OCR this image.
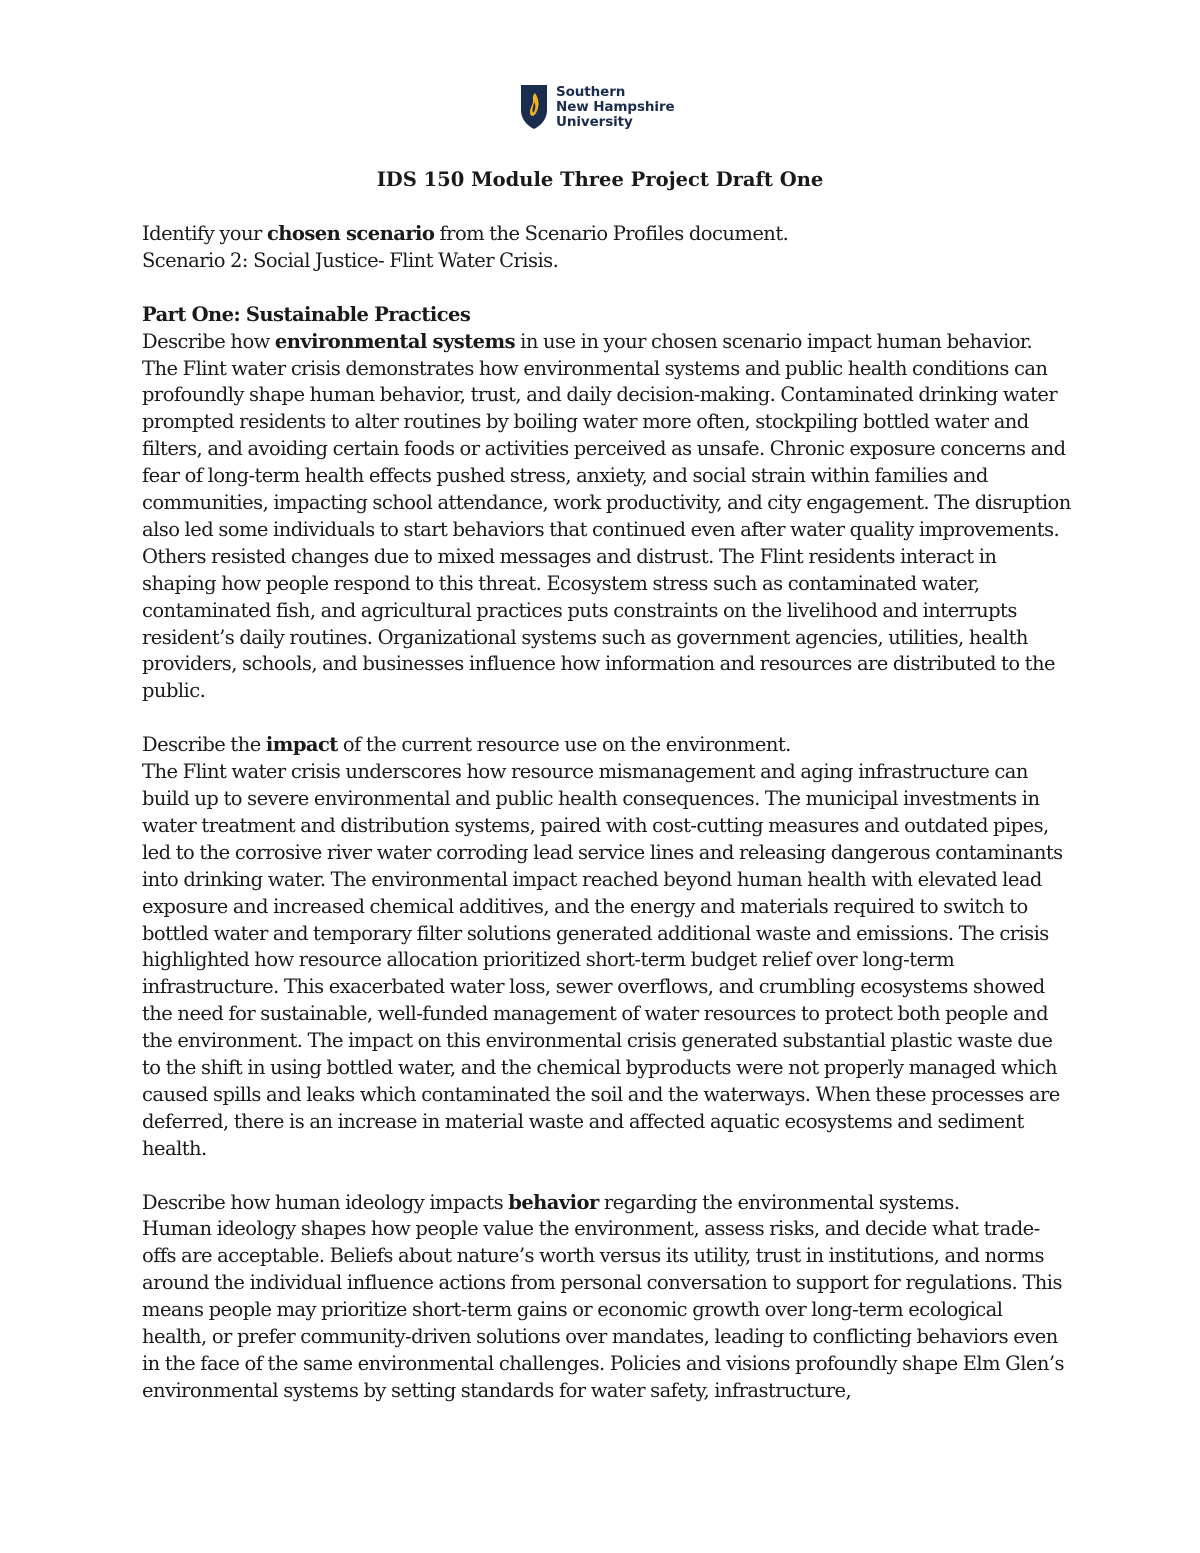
Southern
New Hampshire
University
IDS 150 Module Three Project Draft One

Identify your chosen scenario from the Scenario Profiles document.

Scenario 2: Social Justice- Flint Water Crisis.

Part One: Sustainable Practices

Describe how environmental systems in use in your chosen scenario impact human behavior.

The Flint water crisis demonstrates how environmental systems and public health conditions can profoundly shape human behavior, trust, and daily decision-making. Contaminated drinking water prompted residents to alter routines by boiling water more often, stockpiling bottled water and filters, and avoiding certain foods or activities perceived as unsafe. Chronic exposure concerns and fear of long-term health effects pushed stress, anxiety, and social strain within families and communities, impacting school attendance, work productivity, and city engagement. The disruption also led some individuals to start behaviors that continued even after water quality improvements. Others resisted changes due to mixed messages and distrust. The Flint residents interact in shaping how people respond to this threat. Ecosystem stress such as contaminated water, contaminated fish, and agricultural practices puts constraints on the livelihood and interrupts resident’s daily routines. Organizational systems such as government agencies, utilities, health providers, schools, and businesses influence how information and resources are distributed to the public.

Describe the impact of the current resource use on the environment.

The Flint water crisis underscores how resource mismanagement and aging infrastructure can build up to severe environmental and public health consequences. The municipal investments in water treatment and distribution systems, paired with cost-cutting measures and outdated pipes, led to the corrosive river water corroding lead service lines and releasing dangerous contaminants into drinking water. The environmental impact reached beyond human health with elevated lead exposure and increased chemical additives, and the energy and materials required to switch to bottled water and temporary filter solutions generated additional waste and emissions. The crisis highlighted how resource allocation prioritized short-term budget relief over long-term infrastructure. This exacerbated water loss, sewer overflows, and crumbling ecosystems showed the need for sustainable, well-funded management of water resources to protect both people and the environment. The impact on this environmental crisis generated substantial plastic waste due to the shift in using bottled water, and the chemical byproducts were not properly managed which caused spills and leaks which contaminated the soil and the waterways. When these processes are deferred, there is an increase in material waste and affected aquatic ecosystems and sediment health.

Describe how human ideology impacts behavior regarding the environmental systems.

Human ideology shapes how people value the environment, assess risks, and decide what trade-offs are acceptable. Beliefs about nature’s worth versus its utility, trust in institutions, and norms around the individual influence actions from personal conversation to support for regulations. This means people may prioritize short-term gains or economic growth over long-term ecological health, or prefer community-driven solutions over mandates, leading to conflicting behaviors even in the face of the same environmental challenges. Policies and visions profoundly shape Elm Glen’s environmental systems by setting standards for water safety, infrastructure,
